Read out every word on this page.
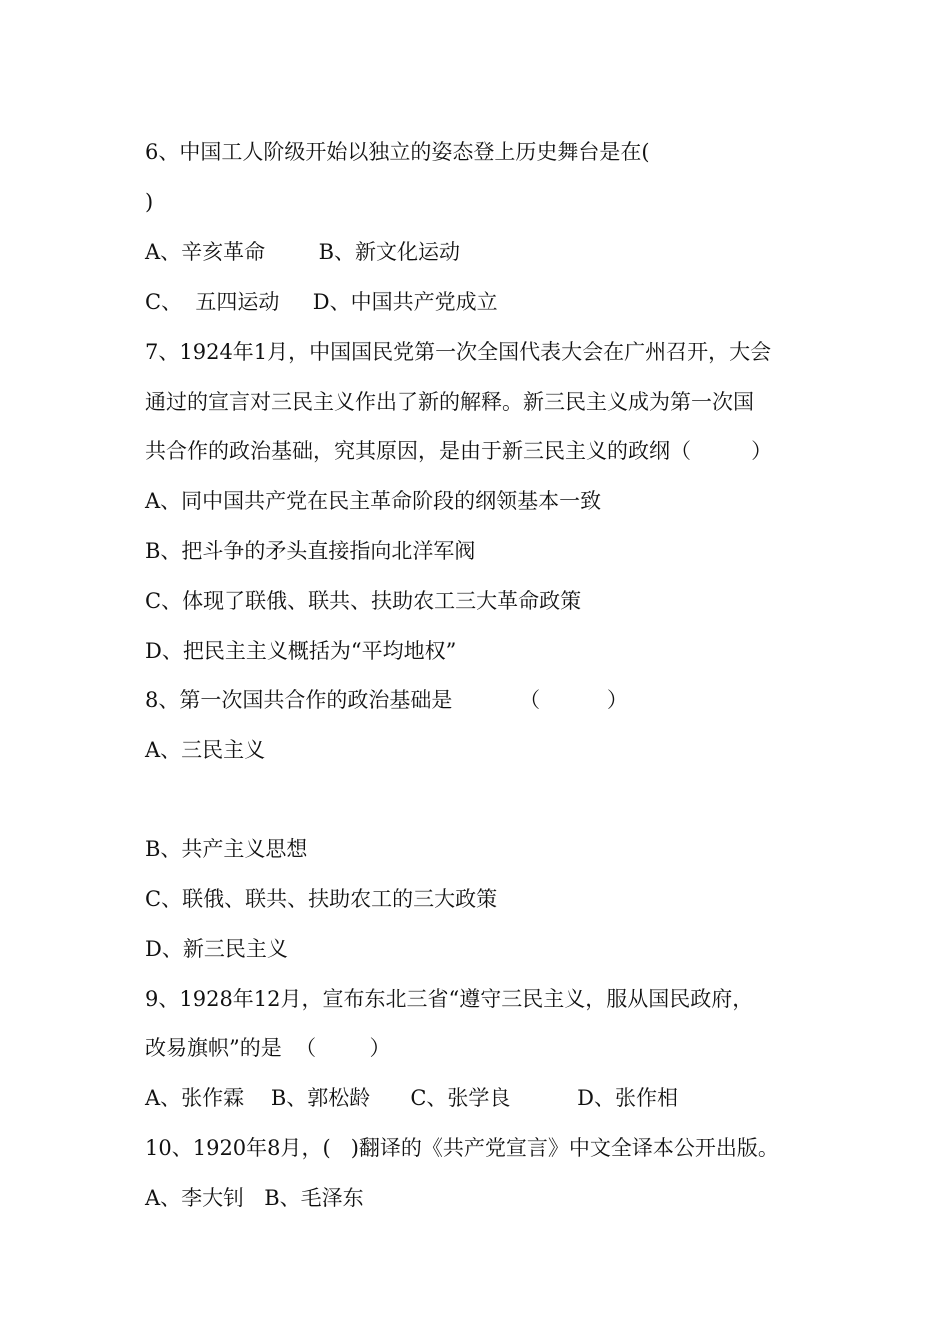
6、中国工人阶级开始以独立的姿态登上历史舞台是在(
)
A、辛亥革命        B、新文化运动
C、  五四运动     D、中国共产党成立
7、1924年1月，中国国民党第一次全国代表大会在广州召开，大会
通过的宣言对三民主义作出了新的解释。新三民主义成为第一次国
共合作的政治基础，究其原因，是由于新三民主义的政纲（         ）
A、同中国共产党在民主革命阶段的纲领基本一致
B、把斗争的矛头直接指向北洋军阀
C、体现了联俄、联共、扶助农工三大革命政策
D、把民主主义概括为“平均地权”
8、第一次国共合作的政治基础是          （          ）
A、三民主义
B、共产主义思想
C、联俄、联共、扶助农工的三大政策
D、新三民主义
9、1928年12月，宣布东北三省“遵守三民主义，服从国民政府，
改易旗帜”的是  （        ）
A、张作霖    B、郭松龄      C、张学良          D、张作相
10、1920年8月，(   )翻译的《共产党宣言》中文全译本公开出版。
A、李大钊   B、毛泽东
